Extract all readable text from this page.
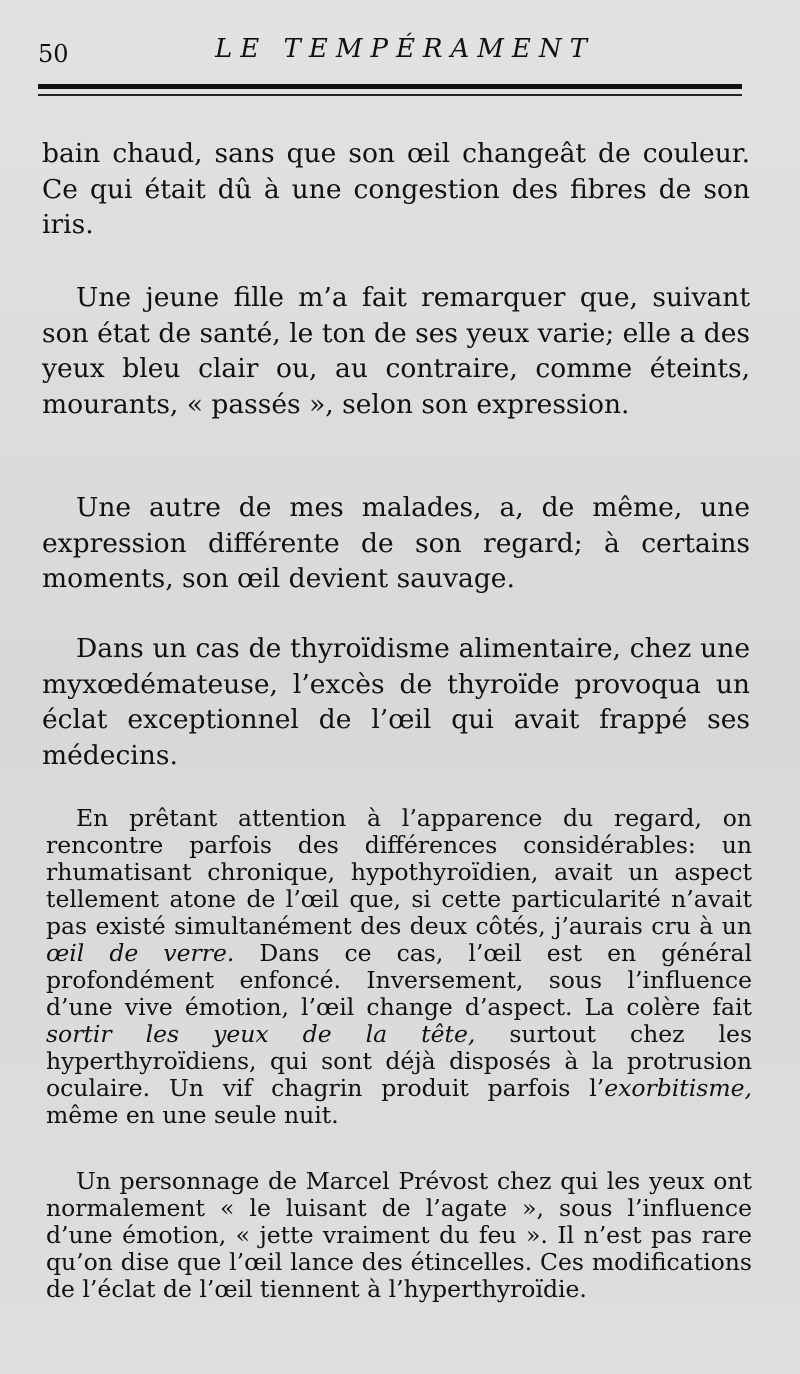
50	LE TEMPÉRAMENT

bain chaud, sans que son œil changeât de couleur. Ce qui était dû à une congestion des fibres de son iris.

Une jeune fille m’a fait remarquer que, suivant son état de santé, le ton de ses yeux varie; elle a des yeux bleu clair ou, au contraire, comme éteints, mourants, « passés », selon son expression.

Une autre de mes malades, a, de même, une expression différente de son regard; à certains moments, son œil devient sauvage.

Dans un cas de thyroïdisme alimentaire, chez une myxœdémateuse, l’excès de thyroïde provoqua un éclat exceptionnel de l’œil qui avait frappé ses médecins.

En prêtant attention à l’apparence du regard, on rencontre parfois des différences considérables: un rhumatisant chronique, hypothyroïdien, avait un aspect tellement atone de l’œil que, si cette particularité n’avait pas existé simultanément des deux côtés, j’aurais cru à un œil de verre. Dans ce cas, l’œil est en général profondément enfoncé. Inversement, sous l’influence d’une vive émotion, l’œil change d’aspect. La colère fait sortir les yeux de la tête, surtout chez les hyperthyroïdiens, qui sont déjà disposés à la protrusion oculaire. Un vif chagrin produit parfois l’exorbitisme, même en une seule nuit.

Un personnage de Marcel Prévost chez qui les yeux ont normalement « le luisant de l’agate », sous l’influence d’une émotion, « jette vraiment du feu ». Il n’est pas rare qu’on dise que l’œil lance des étincelles. Ces modifications de l’éclat de l’œil tiennent à l’hyperthyroïdie.
